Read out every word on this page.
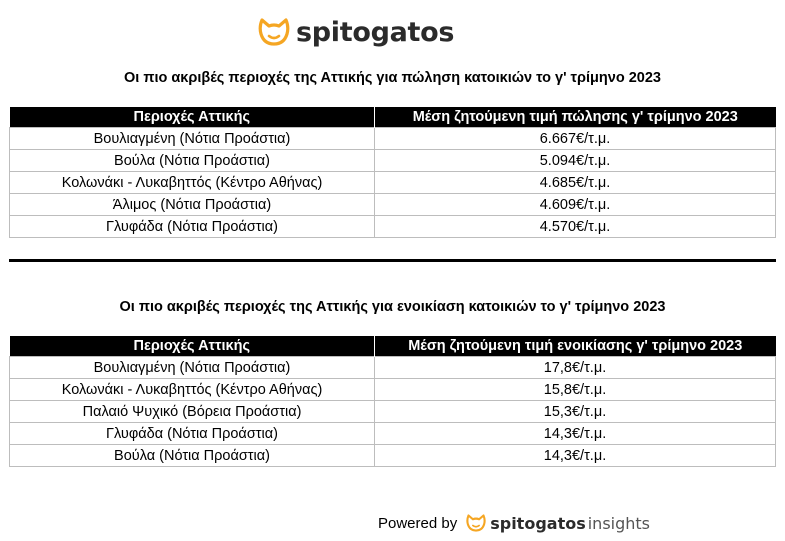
spitogatos
Οι πιο ακριβές περιοχές της Αττικής για πώληση κατοικιών το γ' τρίμηνο 2023
Περιοχές Αττικής	Μέση ζητούμενη τιμή πώλησης γ' τρίμηνο 2023
Βουλιαγμένη (Νότια Προάστια)	6.667€/τ.μ.
Βούλα (Νότια Προάστια)	5.094€/τ.μ.
Κολωνάκι - Λυκαβηττός (Κέντρο Αθήνας)	4.685€/τ.μ.
Άλιμος (Νότια Προάστια)	4.609€/τ.μ.
Γλυφάδα (Νότια Προάστια)	4.570€/τ.μ.
Οι πιο ακριβές περιοχές της Αττικής για ενοικίαση κατοικιών το γ' τρίμηνο 2023
Περιοχές Αττικής	Μέση ζητούμενη τιμή ενοικίασης γ' τρίμηνο 2023
Βουλιαγμένη (Νότια Προάστια)	17,8€/τ.μ.
Κολωνάκι - Λυκαβηττός (Κέντρο Αθήνας)	15,8€/τ.μ.
Παλαιό Ψυχικό (Βόρεια Προάστια)	15,3€/τ.μ.
Γλυφάδα (Νότια Προάστια)	14,3€/τ.μ.
Βούλα (Νότια Προάστια)	14,3€/τ.μ.
Powered by spitogatos insights
